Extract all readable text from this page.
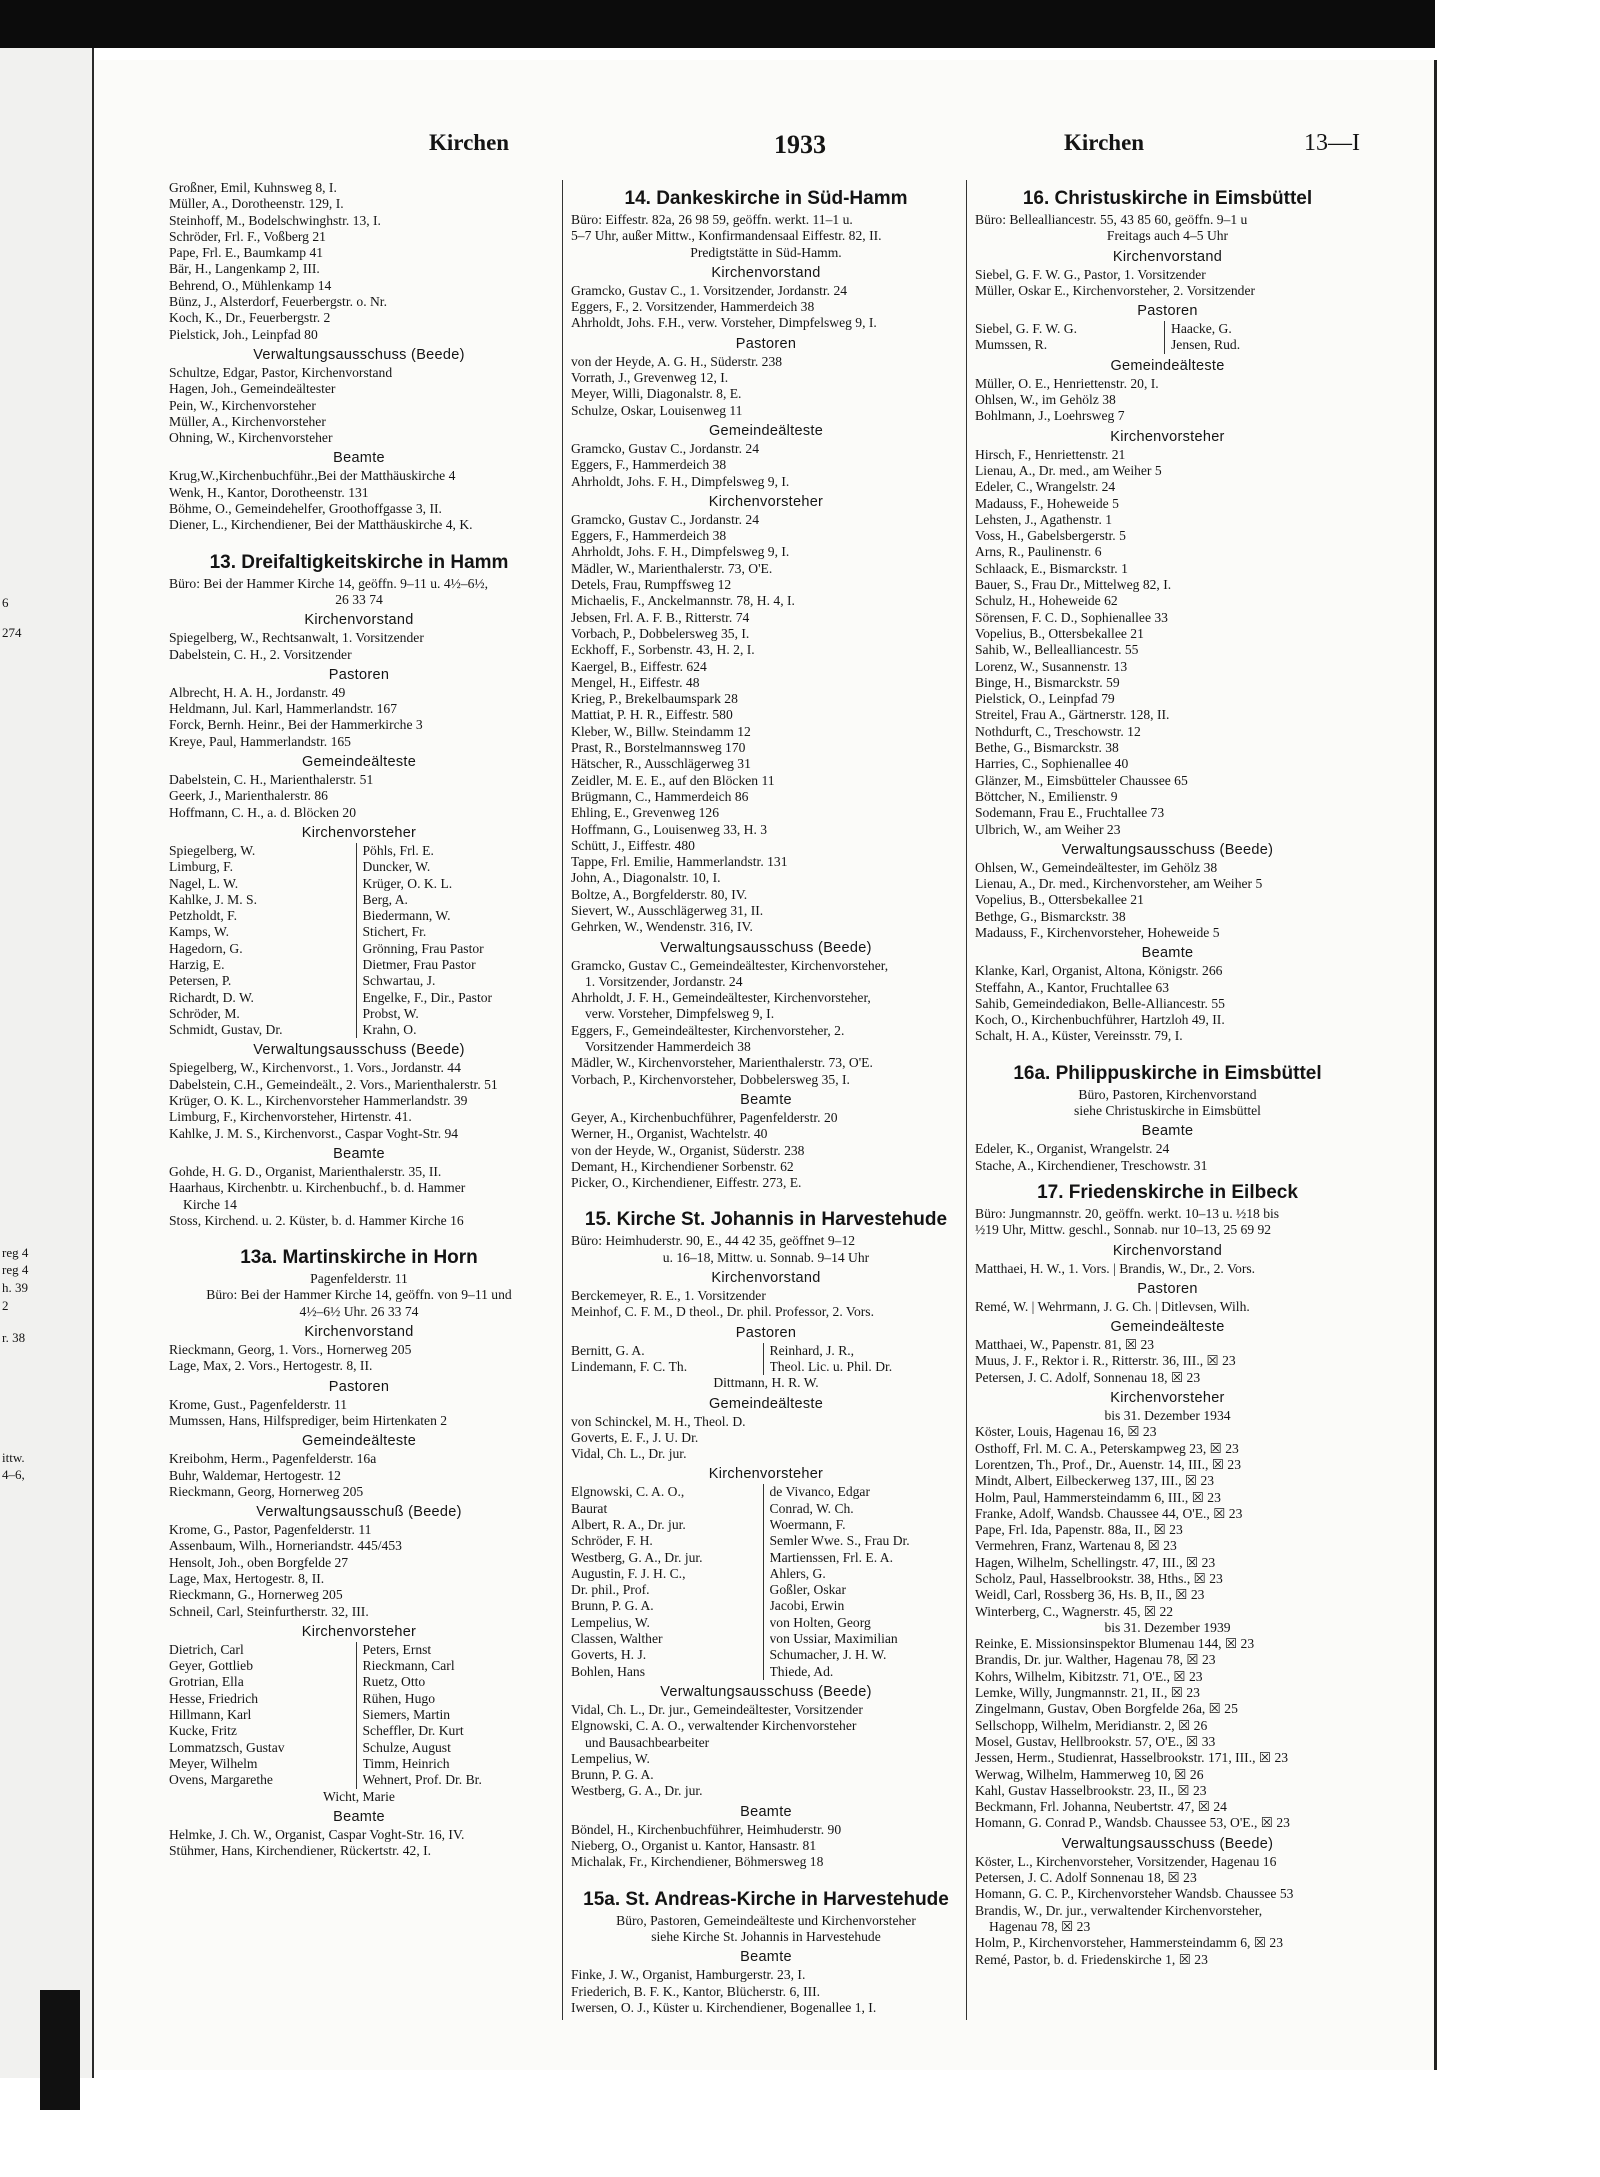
6
274
reg 4
reg 4
h. 39
2
r. 38
ittw.
4–6,
Kirchen	1933	Kirchen	13—I
Großner, Emil, Kuhnsweg 8, I.
Müller, A., Dorotheenstr. 129, I.
Steinhoff, M., Bodelschwinghstr. 13, I.
Schröder, Frl. F., Voßberg 21
Pape, Frl. E., Baumkamp 41
Bär, H., Langenkamp 2, III.
Behrend, O., Mühlenkamp 14
Bünz, J., Alsterdorf, Feuerbergstr. o. Nr.
Koch, K., Dr., Feuerbergstr. 2
Pielstick, Joh., Leinpfad 80
Verwaltungsausschuss (Beede)
Schultze, Edgar, Pastor, Kirchenvorstand
Hagen, Joh., Gemeindeältester
Pein, W., Kirchenvorsteher
Müller, A., Kirchenvorsteher
Ohning, W., Kirchenvorsteher
Beamte
Krug,W.,Kirchenbuchführ.,Bei der Matthäuskirche 4
Wenk, H., Kantor, Dorotheenstr. 131
Böhme, O., Gemeindehelfer, Groothoffgasse 3, II.
Diener, L., Kirchendiener, Bei der Matthäuskirche 4, K.
13. Dreifaltigkeitskirche in Hamm
Büro: Bei der Hammer Kirche 14, geöffn. 9–11 u. 4½–6½,
26 33 74
Kirchenvorstand
Spiegelberg, W., Rechtsanwalt, 1. Vorsitzender
Dabelstein, C. H., 2. Vorsitzender
Pastoren
Albrecht, H. A. H., Jordanstr. 49
Heldmann, Jul. Karl, Hammerlandstr. 167
Forck, Bernh. Heinr., Bei der Hammerkirche 3
Kreye, Paul, Hammerlandstr. 165
Gemeindeälteste
Dabelstein, C. H., Marienthalerstr. 51
Geerk, J., Marienthalerstr. 86
Hoffmann, C. H., a. d. Blöcken 20
Kirchenvorsteher
Spiegelberg, W.	Pöhls, Frl. E.
Limburg, F.	Duncker, W.
Nagel, L. W.	Krüger, O. K. L.
Kahlke, J. M. S.	Berg, A.
Petzholdt, F.	Biedermann, W.
Kamps, W.	Stichert, Fr.
Hagedorn, G.	Grönning, Frau Pastor
Harzig, E.	Dietmer, Frau Pastor
Petersen, P.	Schwartau, J.
Richardt, D. W.	Engelke, F., Dir., Pastor
Schröder, M.	Probst, W.
Schmidt, Gustav, Dr.	Krahn, O.
Verwaltungsausschuss (Beede)
Spiegelberg, W., Kirchenvorst., 1. Vors., Jordanstr. 44
Dabelstein, C.H., Gemeindeält., 2. Vors., Marienthalerstr. 51
Krüger, O. K. L., Kirchenvorsteher Hammerlandstr. 39
Limburg, F., Kirchenvorsteher, Hirtenstr. 41.
Kahlke, J. M. S., Kirchenvorst., Caspar Voght-Str. 94
Beamte
Gohde, H. G. D., Organist, Marienthalerstr. 35, II.
Haarhaus, Kirchenbtr. u. Kirchenbuchf., b. d. Hammer
Kirche 14
Stoss, Kirchend. u. 2. Küster, b. d. Hammer Kirche 16
13a. Martinskirche in Horn
Pagenfelderstr. 11
Büro: Bei der Hammer Kirche 14, geöffn. von 9–11 und
4½–6½ Uhr. 26 33 74
Kirchenvorstand
Rieckmann, Georg, 1. Vors., Hornerweg 205
Lage, Max, 2. Vors., Hertogestr. 8, II.
Pastoren
Krome, Gust., Pagenfelderstr. 11
Mumssen, Hans, Hilfsprediger, beim Hirtenkaten 2
Gemeindeälteste
Kreibohm, Herm., Pagenfelderstr. 16a
Buhr, Waldemar, Hertogestr. 12
Rieckmann, Georg, Hornerweg 205
Verwaltungsausschuß (Beede)
Krome, G., Pastor, Pagenfelderstr. 11
Assenbaum, Wilh., Horneriandstr. 445/453
Hensolt, Joh., oben Borgfelde 27
Lage, Max, Hertogestr. 8, II.
Rieckmann, G., Hornerweg 205
Schneil, Carl, Steinfurtherstr. 32, III.
Kirchenvorsteher
Dietrich, Carl	Peters, Ernst
Geyer, Gottlieb	Rieckmann, Carl
Grotrian, Ella	Ruetz, Otto
Hesse, Friedrich	Rühen, Hugo
Hillmann, Karl	Siemers, Martin
Kucke, Fritz	Scheffler, Dr. Kurt
Lommatzsch, Gustav	Schulze, August
Meyer, Wilhelm	Timm, Heinrich
Ovens, Margarethe	Wehnert, Prof. Dr. Br.
Wicht, Marie
Beamte
Helmke, J. Ch. W., Organist, Caspar Voght-Str. 16, IV.
Stühmer, Hans, Kirchendiener, Rückertstr. 42, I.
14. Dankeskirche in Süd-Hamm
Büro: Eiffestr. 82a, 26 98 59, geöffn. werkt. 11–1 u.
5–7 Uhr, außer Mittw., Konfirmandensaal Eiffestr. 82, II.
Predigtstätte in Süd-Hamm.
Kirchenvorstand
Gramcko, Gustav C., 1. Vorsitzender, Jordanstr. 24
Eggers, F., 2. Vorsitzender, Hammerdeich 38
Ahrholdt, Johs. F.H., verw. Vorsteher, Dimpfelsweg 9, I.
Pastoren
von der Heyde, A. G. H., Süderstr. 238
Vorrath, J., Grevenweg 12, I.
Meyer, Willi, Diagonalstr. 8, E.
Schulze, Oskar, Louisenweg 11
Gemeindeälteste
Gramcko, Gustav C., Jordanstr. 24
Eggers, F., Hammerdeich 38
Ahrholdt, Johs. F. H., Dimpfelsweg 9, I.
Kirchenvorsteher
Gramcko, Gustav C., Jordanstr. 24
Eggers, F., Hammerdeich 38
Ahrholdt, Johs. F. H., Dimpfelsweg 9, I.
Mädler, W., Marienthalerstr. 73, O'E.
Detels, Frau, Rumpffsweg 12
Michaelis, F., Anckelmannstr. 78, H. 4, I.
Jebsen, Frl. A. F. B., Ritterstr. 74
Vorbach, P., Dobbelersweg 35, I.
Eckhoff, F., Sorbenstr. 43, H. 2, I.
Kaergel, B., Eiffestr. 624
Mengel, H., Eiffestr. 48
Krieg, P., Brekelbaumspark 28
Mattiat, P. H. R., Eiffestr. 580
Kleber, W., Billw. Steindamm 12
Prast, R., Borstelmannsweg 170
Hätscher, R., Ausschlägerweg 31
Zeidler, M. E. E., auf den Blöcken 11
Brügmann, C., Hammerdeich 86
Ehling, E., Grevenweg 126
Hoffmann, G., Louisenweg 33, H. 3
Schütt, J., Eiffestr. 480
Tappe, Frl. Emilie, Hammerlandstr. 131
John, A., Diagonalstr. 10, I.
Boltze, A., Borgfelderstr. 80, IV.
Sievert, W., Ausschlägerweg 31, II.
Gehrken, W., Wendenstr. 316, IV.
Verwaltungsausschuss (Beede)
Gramcko, Gustav C., Gemeindeältester, Kirchenvorsteher,
1. Vorsitzender, Jordanstr. 24
Ahrholdt, J. F. H., Gemeindeältester, Kirchenvorsteher,
verw. Vorsteher, Dimpfelsweg 9, I.
Eggers, F., Gemeindeältester, Kirchenvorsteher, 2.
Vorsitzender Hammerdeich 38
Mädler, W., Kirchenvorsteher, Marienthalerstr. 73, O'E.
Vorbach, P., Kirchenvorsteher, Dobbelersweg 35, I.
Beamte
Geyer, A., Kirchenbuchführer, Pagenfelderstr. 20
Werner, H., Organist, Wachtelstr. 40
von der Heyde, W., Organist, Süderstr. 238
Demant, H., Kirchendiener Sorbenstr. 62
Picker, O., Kirchendiener, Eiffestr. 273, E.
15. Kirche St. Johannis in Harvestehude
Büro: Heimhuderstr. 90, E., 44 42 35, geöffnet 9–12
u. 16–18, Mittw. u. Sonnab. 9–14 Uhr
Kirchenvorstand
Berckemeyer, R. E., 1. Vorsitzender
Meinhof, C. F. M., D theol., Dr. phil. Professor, 2. Vors.
Pastoren
Bernitt, G. A.	Reinhard, J. R.,
Lindemann, F. C. Th.	Theol. Lic. u. Phil. Dr.
Dittmann, H. R. W.
Gemeindeälteste
von Schinckel, M. H., Theol. D.
Goverts, E. F., J. U. Dr.
Vidal, Ch. L., Dr. jur.
Kirchenvorsteher
Elgnowski, C. A. O.,	de Vivanco, Edgar
Baurat	Conrad, W. Ch.
Albert, R. A., Dr. jur.	Woermann, F.
Schröder, F. H.	Semler Wwe. S., Frau Dr.
Westberg, G. A., Dr. jur.	Martienssen, Frl. E. A.
Augustin, F. J. H. C.,	Ahlers, G.
Dr. phil., Prof.	Goßler, Oskar
Brunn, P. G. A.	Jacobi, Erwin
Lempelius, W.	von Holten, Georg
Classen, Walther	von Ussiar, Maximilian
Goverts, H. J.	Schumacher, J. H. W.
Bohlen, Hans	Thiede, Ad.
Verwaltungsausschuss (Beede)
Vidal, Ch. L., Dr. jur., Gemeindeältester, Vorsitzender
Elgnowski, C. A. O., verwaltender Kirchenvorsteher
und Bausachbearbeiter
Lempelius, W.
Brunn, P. G. A.
Westberg, G. A., Dr. jur.
Beamte
Böndel, H., Kirchenbuchführer, Heimhuderstr. 90
Nieberg, O., Organist u. Kantor, Hansastr. 81
Michalak, Fr., Kirchendiener, Böhmersweg 18
15a. St. Andreas-Kirche in Harvestehude
Büro, Pastoren, Gemeindeälteste und Kirchenvorsteher
siehe Kirche St. Johannis in Harvestehude
Beamte
Finke, J. W., Organist, Hamburgerstr. 23, I.
Friederich, B. F. K., Kantor, Blücherstr. 6, III.
Iwersen, O. J., Küster u. Kirchendiener, Bogenallee 1, I.
16. Christuskirche in Eimsbüttel
Büro: Bellealliancestr. 55, 43 85 60, geöffn. 9–1 u
Freitags auch 4–5 Uhr
Kirchenvorstand
Siebel, G. F. W. G., Pastor, 1. Vorsitzender
Müller, Oskar E., Kirchenvorsteher, 2. Vorsitzender
Pastoren
Siebel, G. F. W. G.	Haacke, G.
Mumssen, R.	Jensen, Rud.
Gemeindeälteste
Müller, O. E., Henriettenstr. 20, I.
Ohlsen, W., im Gehölz 38
Bohlmann, J., Loehrsweg 7
Kirchenvorsteher
Hirsch, F., Henriettenstr. 21
Lienau, A., Dr. med., am Weiher 5
Edeler, C., Wrangelstr. 24
Madauss, F., Hoheweide 5
Lehsten, J., Agathenstr. 1
Voss, H., Gabelsbergerstr. 5
Arns, R., Paulinenstr. 6
Schlaack, E., Bismarckstr. 1
Bauer, S., Frau Dr., Mittelweg 82, I.
Schulz, H., Hoheweide 62
Sörensen, F. C. D., Sophienallee 33
Vopelius, B., Ottersbekallee 21
Sahib, W., Bellealliancestr. 55
Lorenz, W., Susannenstr. 13
Binge, H., Bismarckstr. 59
Pielstick, O., Leinpfad 79
Streitel, Frau A., Gärtnerstr. 128, II.
Nothdurft, C., Treschowstr. 12
Bethe, G., Bismarckstr. 38
Harries, C., Sophienallee 40
Glänzer, M., Eimsbütteler Chaussee 65
Böttcher, N., Emilienstr. 9
Sodemann, Frau E., Fruchtallee 73
Ulbrich, W., am Weiher 23
Verwaltungsausschuss (Beede)
Ohlsen, W., Gemeindeältester, im Gehölz 38
Lienau, A., Dr. med., Kirchenvorsteher, am Weiher 5
Vopelius, B., Ottersbekallee 21
Bethge, G., Bismarckstr. 38
Madauss, F., Kirchenvorsteher, Hoheweide 5
Beamte
Klanke, Karl, Organist, Altona, Königstr. 266
Steffahn, A., Kantor, Fruchtallee 63
Sahib, Gemeindediakon, Belle-Alliancestr. 55
Koch, O., Kirchenbuchführer, Hartzloh 49, II.
Schalt, H. A., Küster, Vereinsstr. 79, I.
16a. Philippuskirche in Eimsbüttel
Büro, Pastoren, Kirchenvorstand
siehe Christuskirche in Eimsbüttel
Beamte
Edeler, K., Organist, Wrangelstr. 24
Stache, A., Kirchendiener, Treschowstr. 31
17. Friedenskirche in Eilbeck
Büro: Jungmannstr. 20, geöffn. werkt. 10–13 u. ½18 bis
½19 Uhr, Mittw. geschl., Sonnab. nur 10–13, 25 69 92
Kirchenvorstand
Matthaei, H. W., 1. Vors. | Brandis, W., Dr., 2. Vors.
Pastoren
Remé, W. | Wehrmann, J. G. Ch. | Ditlevsen, Wilh.
Gemeindeälteste
Matthaei, W., Papenstr. 81, ☒ 23
Muus, J. F., Rektor i. R., Ritterstr. 36, III., ☒ 23
Petersen, J. C. Adolf, Sonnenau 18, ☒ 23
Kirchenvorsteher
bis 31. Dezember 1934
Köster, Louis, Hagenau 16, ☒ 23
Osthoff, Frl. M. C. A., Peterskampweg 23, ☒ 23
Lorentzen, Th., Prof., Dr., Auenstr. 14, III., ☒ 23
Mindt, Albert, Eilbeckerweg 137, III., ☒ 23
Holm, Paul, Hammersteindamm 6, III., ☒ 23
Franke, Adolf, Wandsb. Chaussee 44, O'E., ☒ 23
Pape, Frl. Ida, Papenstr. 88a, II., ☒ 23
Vermehren, Franz, Wartenau 8, ☒ 23
Hagen, Wilhelm, Schellingstr. 47, III., ☒ 23
Scholz, Paul, Hasselbrookstr. 38, Hths., ☒ 23
Weidl, Carl, Rossberg 36, Hs. B, II., ☒ 23
Winterberg, C., Wagnerstr. 45, ☒ 22
bis 31. Dezember 1939
Reinke, E. Missionsinspektor Blumenau 144, ☒ 23
Brandis, Dr. jur. Walther, Hagenau 78, ☒ 23
Kohrs, Wilhelm, Kibitzstr. 71, O'E., ☒ 23
Lemke, Willy, Jungmannstr. 21, II., ☒ 23
Zingelmann, Gustav, Oben Borgfelde 26a, ☒ 25
Sellschopp, Wilhelm, Meridianstr. 2, ☒ 26
Mosel, Gustav, Hellbrookstr. 57, O'E., ☒ 33
Jessen, Herm., Studienrat, Hasselbrookstr. 171, III., ☒ 23
Werwag, Wilhelm, Hammerweg 10, ☒ 26
Kahl, Gustav Hasselbrookstr. 23, II., ☒ 23
Beckmann, Frl. Johanna, Neubertstr. 47, ☒ 24
Homann, G. Conrad P., Wandsb. Chaussee 53, O'E., ☒ 23
Verwaltungsausschuss (Beede)
Köster, L., Kirchenvorsteher, Vorsitzender, Hagenau 16
Petersen, J. C. Adolf Sonnenau 18, ☒ 23
Homann, G. C. P., Kirchenvorsteher Wandsb. Chaussee 53
Brandis, W., Dr. jur., verwaltender Kirchenvorsteher,
Hagenau 78, ☒ 23
Holm, P., Kirchenvorsteher, Hammersteindamm 6, ☒ 23
Remé, Pastor, b. d. Friedenskirche 1, ☒ 23
